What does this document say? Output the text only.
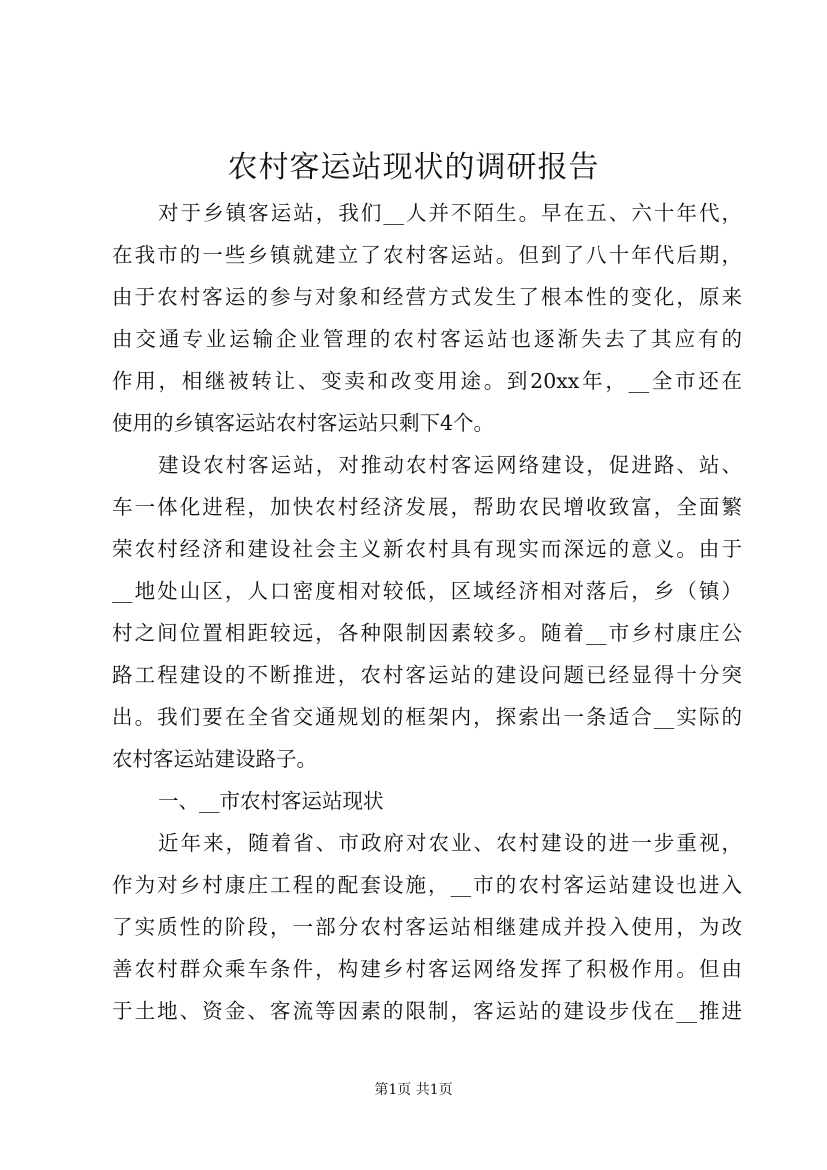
农村客运站现状的调研报告
对于乡镇客运站，我们__人并不陌生。早在五、六十年代，
在我市的一些乡镇就建立了农村客运站。但到了八十年代后期，
由于农村客运的参与对象和经营方式发生了根本性的变化，原来
由交通专业运输企业管理的农村客运站也逐渐失去了其应有的
作用，相继被转让、变卖和改变用途。到20xx年，__全市还在
使用的乡镇客运站农村客运站只剩下4个。
建设农村客运站，对推动农村客运网络建设，促进路、站、
车一体化进程，加快农村经济发展，帮助农民增收致富，全面繁
荣农村经济和建设社会主义新农村具有现实而深远的意义。由于
__地处山区，人口密度相对较低，区域经济相对落后，乡（镇）
村之间位置相距较远，各种限制因素较多。随着__市乡村康庄公
路工程建设的不断推进，农村客运站的建设问题已经显得十分突
出。我们要在全省交通规划的框架内，探索出一条适合__实际的
农村客运站建设路子。
一、__市农村客运站现状
近年来，随着省、市政府对农业、农村建设的进一步重视，
作为对乡村康庄工程的配套设施，__市的农村客运站建设也进入
了实质性的阶段，一部分农村客运站相继建成并投入使用，为改
善农村群众乘车条件，构建乡村客运网络发挥了积极作用。但由
于土地、资金、客流等因素的限制，客运站的建设步伐在__推进
第1页 共1页
